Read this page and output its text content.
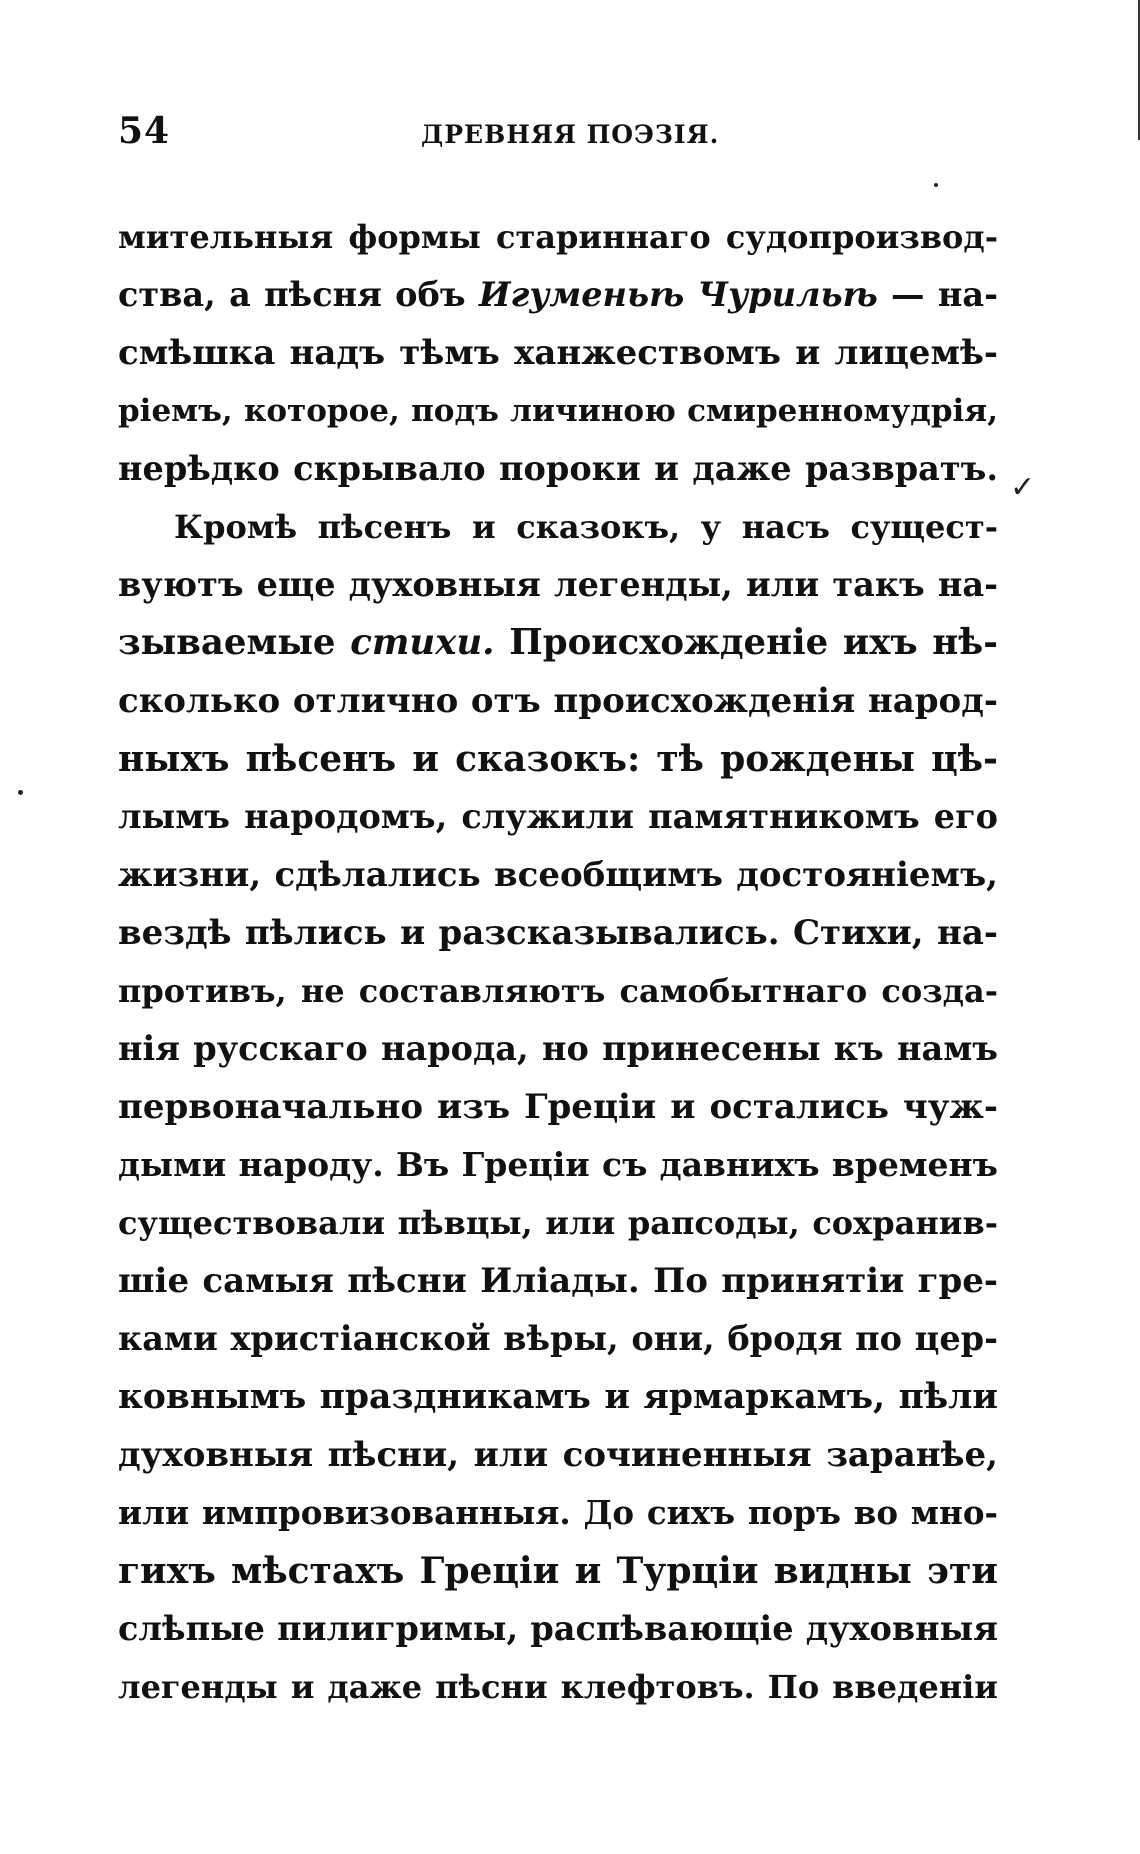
54	ДРЕВНЯЯ ПОЭЗІЯ.
мительныя формы стариннаго судопроизвод-
ства, а пѣсня объ Игуменьѣ Чурильѣ — на-
смѣшка надъ тѣмъ ханжествомъ и лицемѣ-
ріемъ, которое, подъ личиною смиренномудрія,
нерѣдко скрывало пороки и даже развратъ.
Кромѣ пѣсенъ и сказокъ, у насъ сущест-
вуютъ еще духовныя легенды, или такъ на-
зываемые стихи. Происхожденіе ихъ нѣ-
сколько отлично отъ происхожденія народ-
ныхъ пѣсенъ и сказокъ: тѣ рождены цѣ-
лымъ народомъ, служили памятникомъ его
жизни, сдѣлались всеобщимъ достояніемъ,
вездѣ пѣлись и разсказывались. Стихи, на-
противъ, не составляютъ самобытнаго созда-
нія русскаго народа, но принесены къ намъ
первоначально изъ Греціи и остались чуж-
дыми народу. Въ Греціи съ давнихъ временъ
существовали пѣвцы, или рапсоды, сохранив-
шіе самыя пѣсни Иліады. По принятіи гре-
ками христіанской вѣры, они, бродя по цер-
ковнымъ праздникамъ и ярмаркамъ, пѣли
духовныя пѣсни, или сочиненныя заранѣе,
или импровизованныя. До сихъ поръ во мно-
гихъ мѣстахъ Греціи и Турціи видны эти
слѣпые пилигримы, распѣвающіе духовныя
легенды и даже пѣсни клефтовъ. По введеніи
✓
